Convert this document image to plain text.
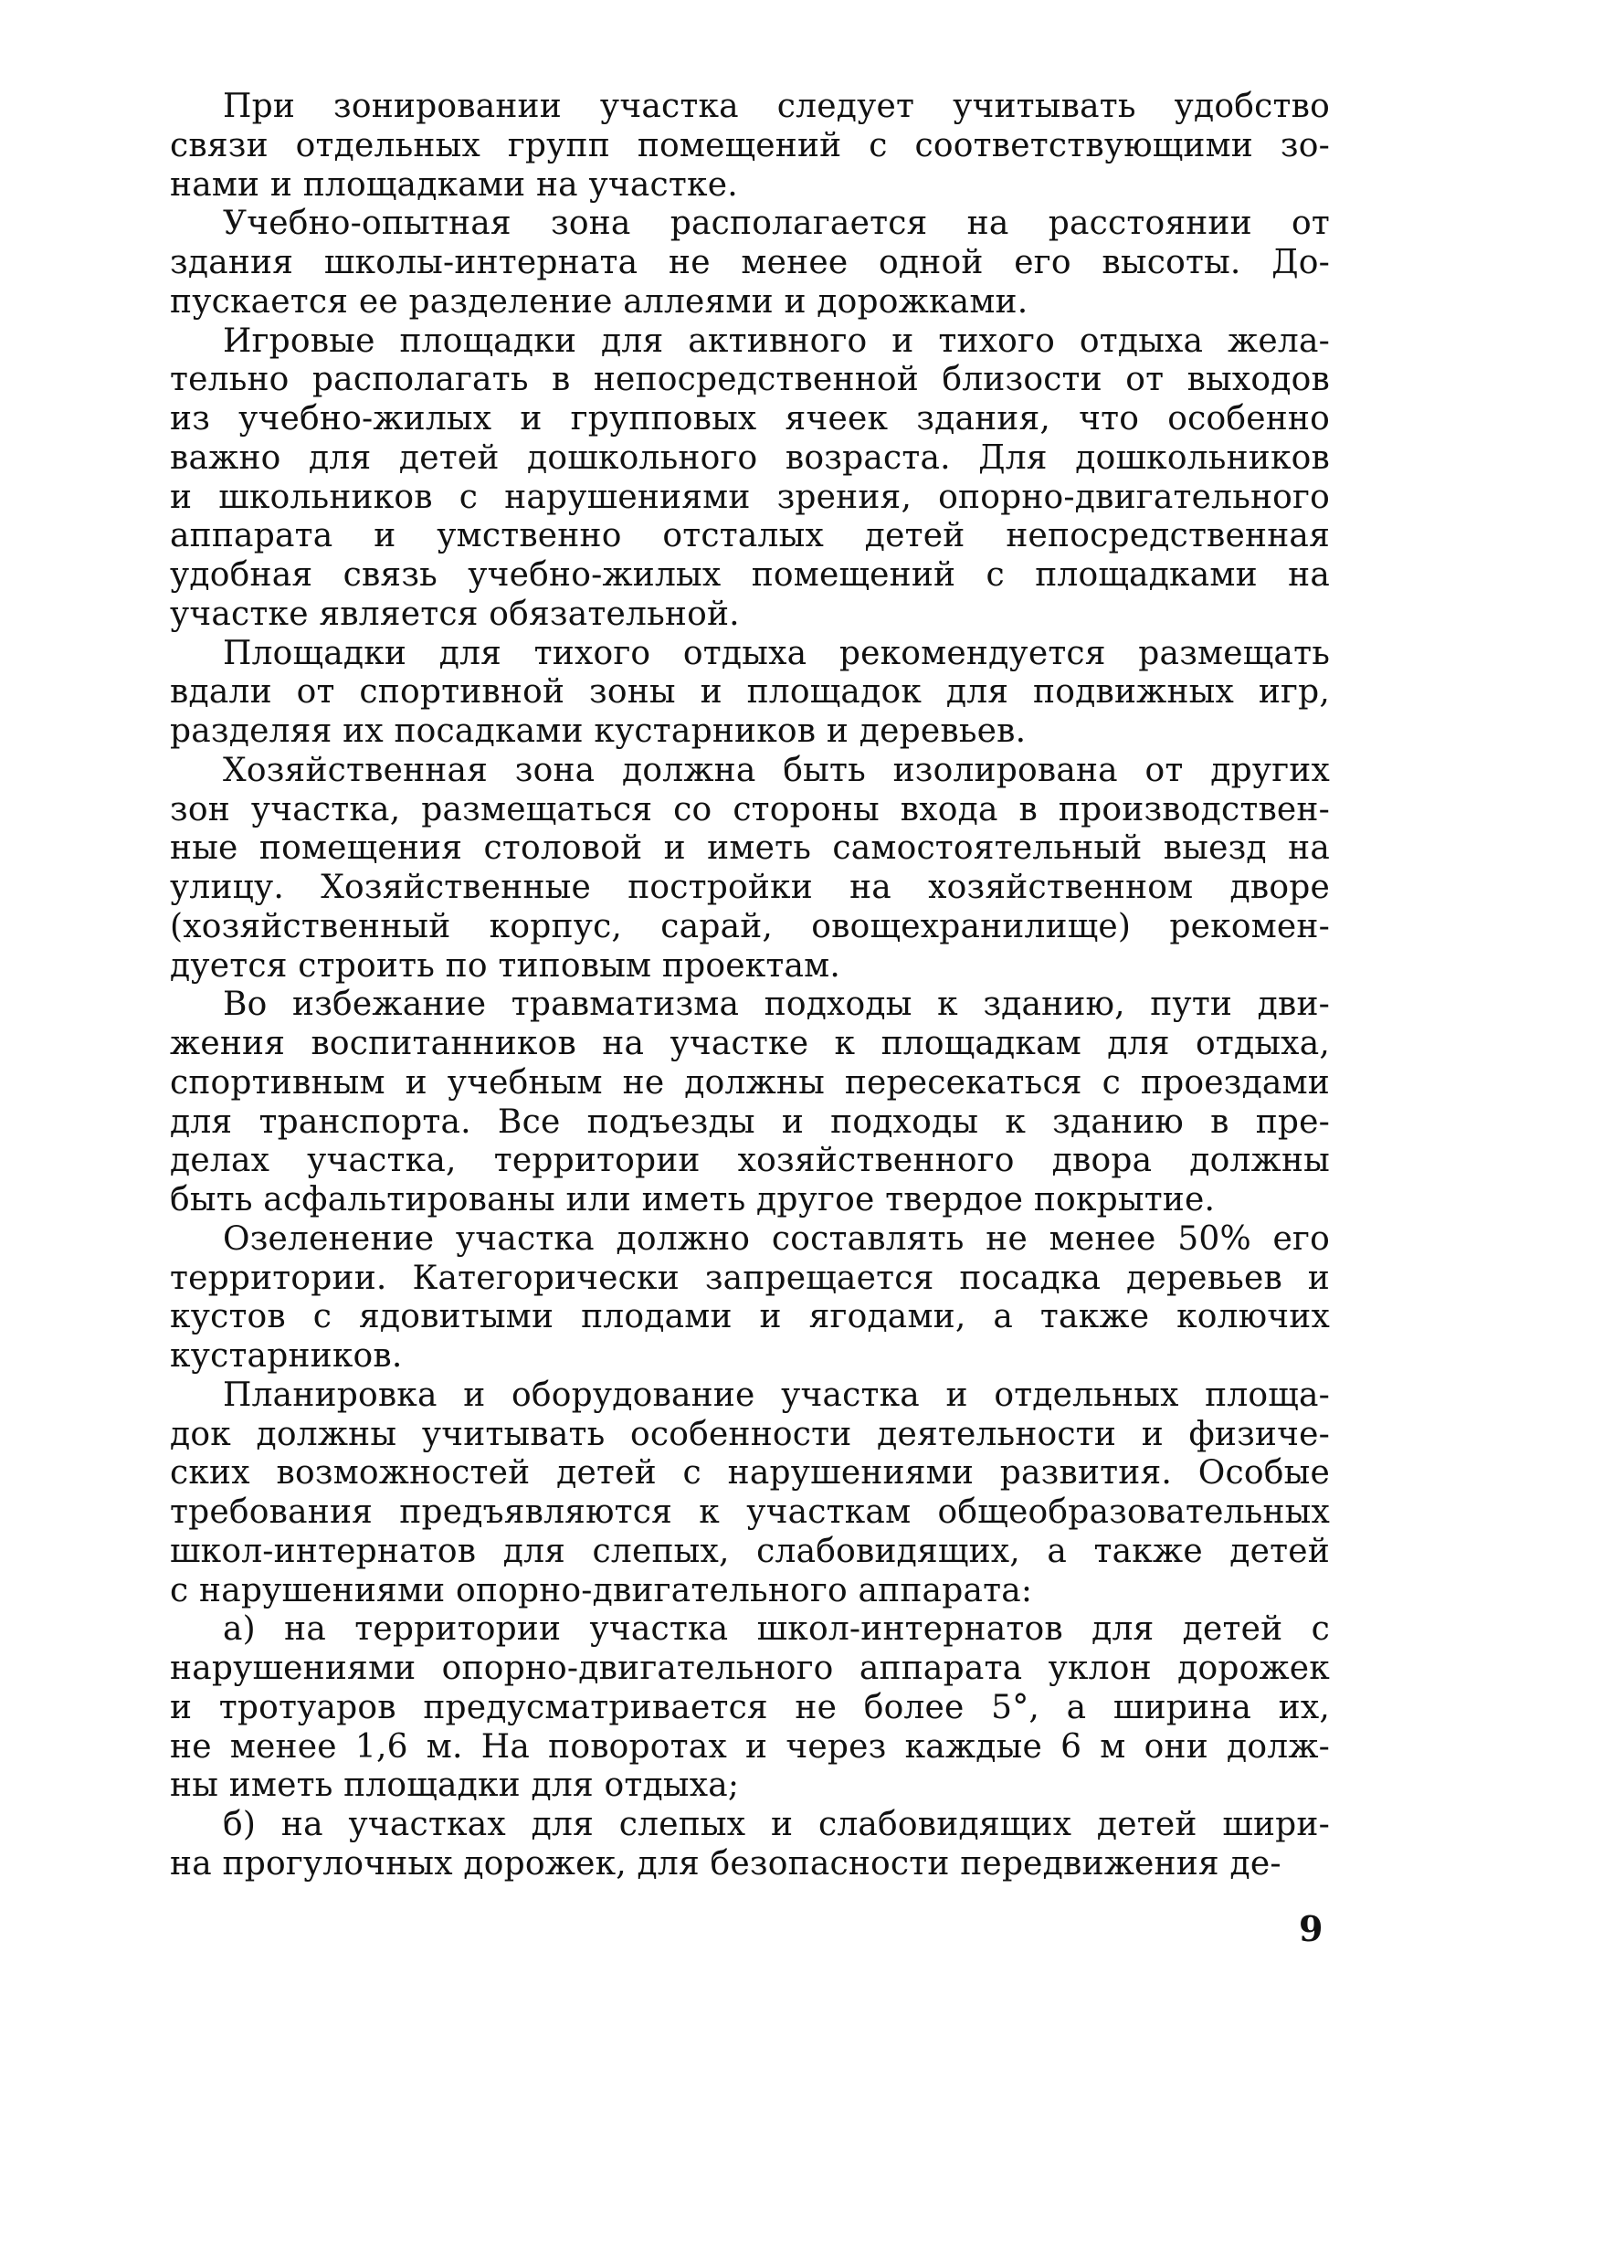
При зонировании участка следует учитывать удобство
связи отдельных групп помещений с соответствующими зо-
нами и площадками на участке.
Учебно-опытная зона располагается на расстоянии от
здания школы-интерната не менее одной его высоты. До-
пускается ее разделение аллеями и дорожками.
Игровые площадки для активного и тихого отдыха жела-
тельно располагать в непосредственной близости от выходов
из учебно-жилых и групповых ячеек здания, что особенно
важно для детей дошкольного возраста. Для дошкольников
и школьников с нарушениями зрения, опорно-двигательного
аппарата и умственно отсталых детей непосредственная
удобная связь учебно-жилых помещений с площадками на
участке является обязательной.
Площадки для тихого отдыха рекомендуется размещать
вдали от спортивной зоны и площадок для подвижных игр,
разделяя их посадками кустарников и деревьев.
Хозяйственная зона должна быть изолирована от других
зон участка, размещаться со стороны входа в производствен-
ные помещения столовой и иметь самостоятельный выезд на
улицу. Хозяйственные постройки на хозяйственном дворе
(хозяйственный корпус, сарай, овощехранилище) рекомен-
дуется строить по типовым проектам.
Во избежание травматизма подходы к зданию, пути дви-
жения воспитанников на участке к площадкам для отдыха,
спортивным и учебным не должны пересекаться с проездами
для транспорта. Все подъезды и подходы к зданию в пре-
делах участка, территории хозяйственного двора должны
быть асфальтированы или иметь другое твердое покрытие.
Озеленение участка должно составлять не менее 50% его
территории. Категорически запрещается посадка деревьев и
кустов с ядовитыми плодами и ягодами, а также колючих
кустарников.
Планировка и оборудование участка и отдельных площа-
док должны учитывать особенности деятельности и физиче-
ских возможностей детей с нарушениями развития. Особые
требования предъявляются к участкам общеобразовательных
школ-интернатов для слепых, слабовидящих, а также детей
с нарушениями опорно-двигательного аппарата:
а) на территории участка школ-интернатов для детей с
нарушениями опорно-двигательного аппарата уклон дорожек
и тротуаров предусматривается не более 5°, а ширина их,
не менее 1,6 м. На поворотах и через каждые 6 м они долж-
ны иметь площадки для отдыха;
б) на участках для слепых и слабовидящих детей шири-
на прогулочных дорожек, для безопасности передвижения де-
9
